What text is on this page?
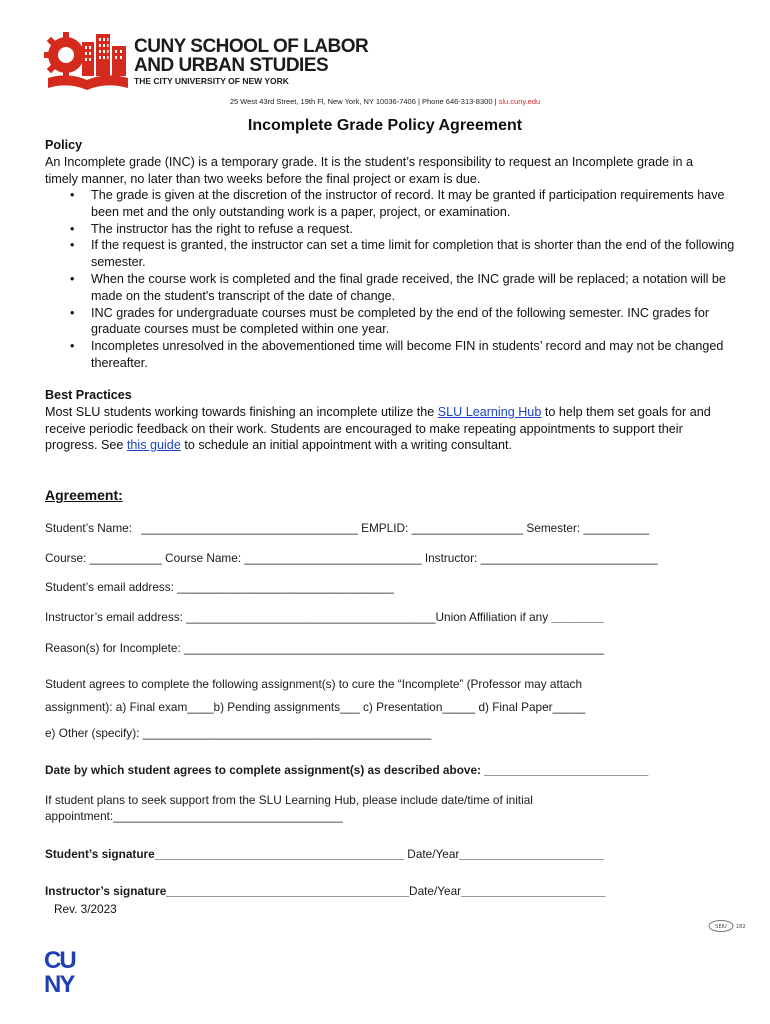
CUNY SCHOOL OF LABOR
AND URBAN STUDIES
THE CITY UNIVERSITY OF NEW YORK
25 West 43rd Street, 19th Fl, New York, NY 10036-7406 | Phone 646-313-8300 | slu.cuny.edu
Incomplete Grade Policy Agreement
Policy
An Incomplete grade (INC) is a temporary grade. It is the student’s responsibility to request an Incomplete grade in a timely manner, no later than two weeks before the final project or exam is due.
• The grade is given at the discretion of the instructor of record. It may be granted if participation requirements have been met and the only outstanding work is a paper, project, or examination.
• The instructor has the right to refuse a request.
• If the request is granted, the instructor can set a time limit for completion that is shorter than the end of the following semester.
• When the course work is completed and the final grade received, the INC grade will be replaced; a notation will be made on the student's transcript of the date of change.
• INC grades for undergraduate courses must be completed by the end of the following semester. INC grades for graduate courses must be completed within one year.
• Incompletes unresolved in the abovementioned time will become FIN in students’ record and may not be changed thereafter.
Best Practices
Most SLU students working towards finishing an incomplete utilize the SLU Learning Hub to help them set goals for and receive periodic feedback on their work. Students are encouraged to make repeating appointments to support their progress. See this guide to schedule an initial appointment with a writing consultant.
Agreement:
Student’s Name: _________________________________ EMPLID: _________________ Semester: __________
Course: ___________ Course Name: ___________________________ Instructor: ___________________________
Student’s email address: _________________________________
Instructor’s email address: ______________________________________Union Affiliation if any ________
Reason(s) for Incomplete: ________________________________________________________________
Student agrees to complete the following assignment(s) to cure the “Incomplete” (Professor may attach
assignment): a) Final exam____b) Pending assignments___ c) Presentation_____ d) Final Paper_____
e) Other (specify): ____________________________________________
Date by which student agrees to complete assignment(s) as described above: _________________________
If student plans to seek support from the SLU Learning Hub, please include date/time of initial
appointment:___________________________________
Student’s signature______________________________________ Date/Year______________________
Instructor’s signature_____________________________________Date/Year______________________
Rev. 3/2023
SEIU 182
CU
NY
